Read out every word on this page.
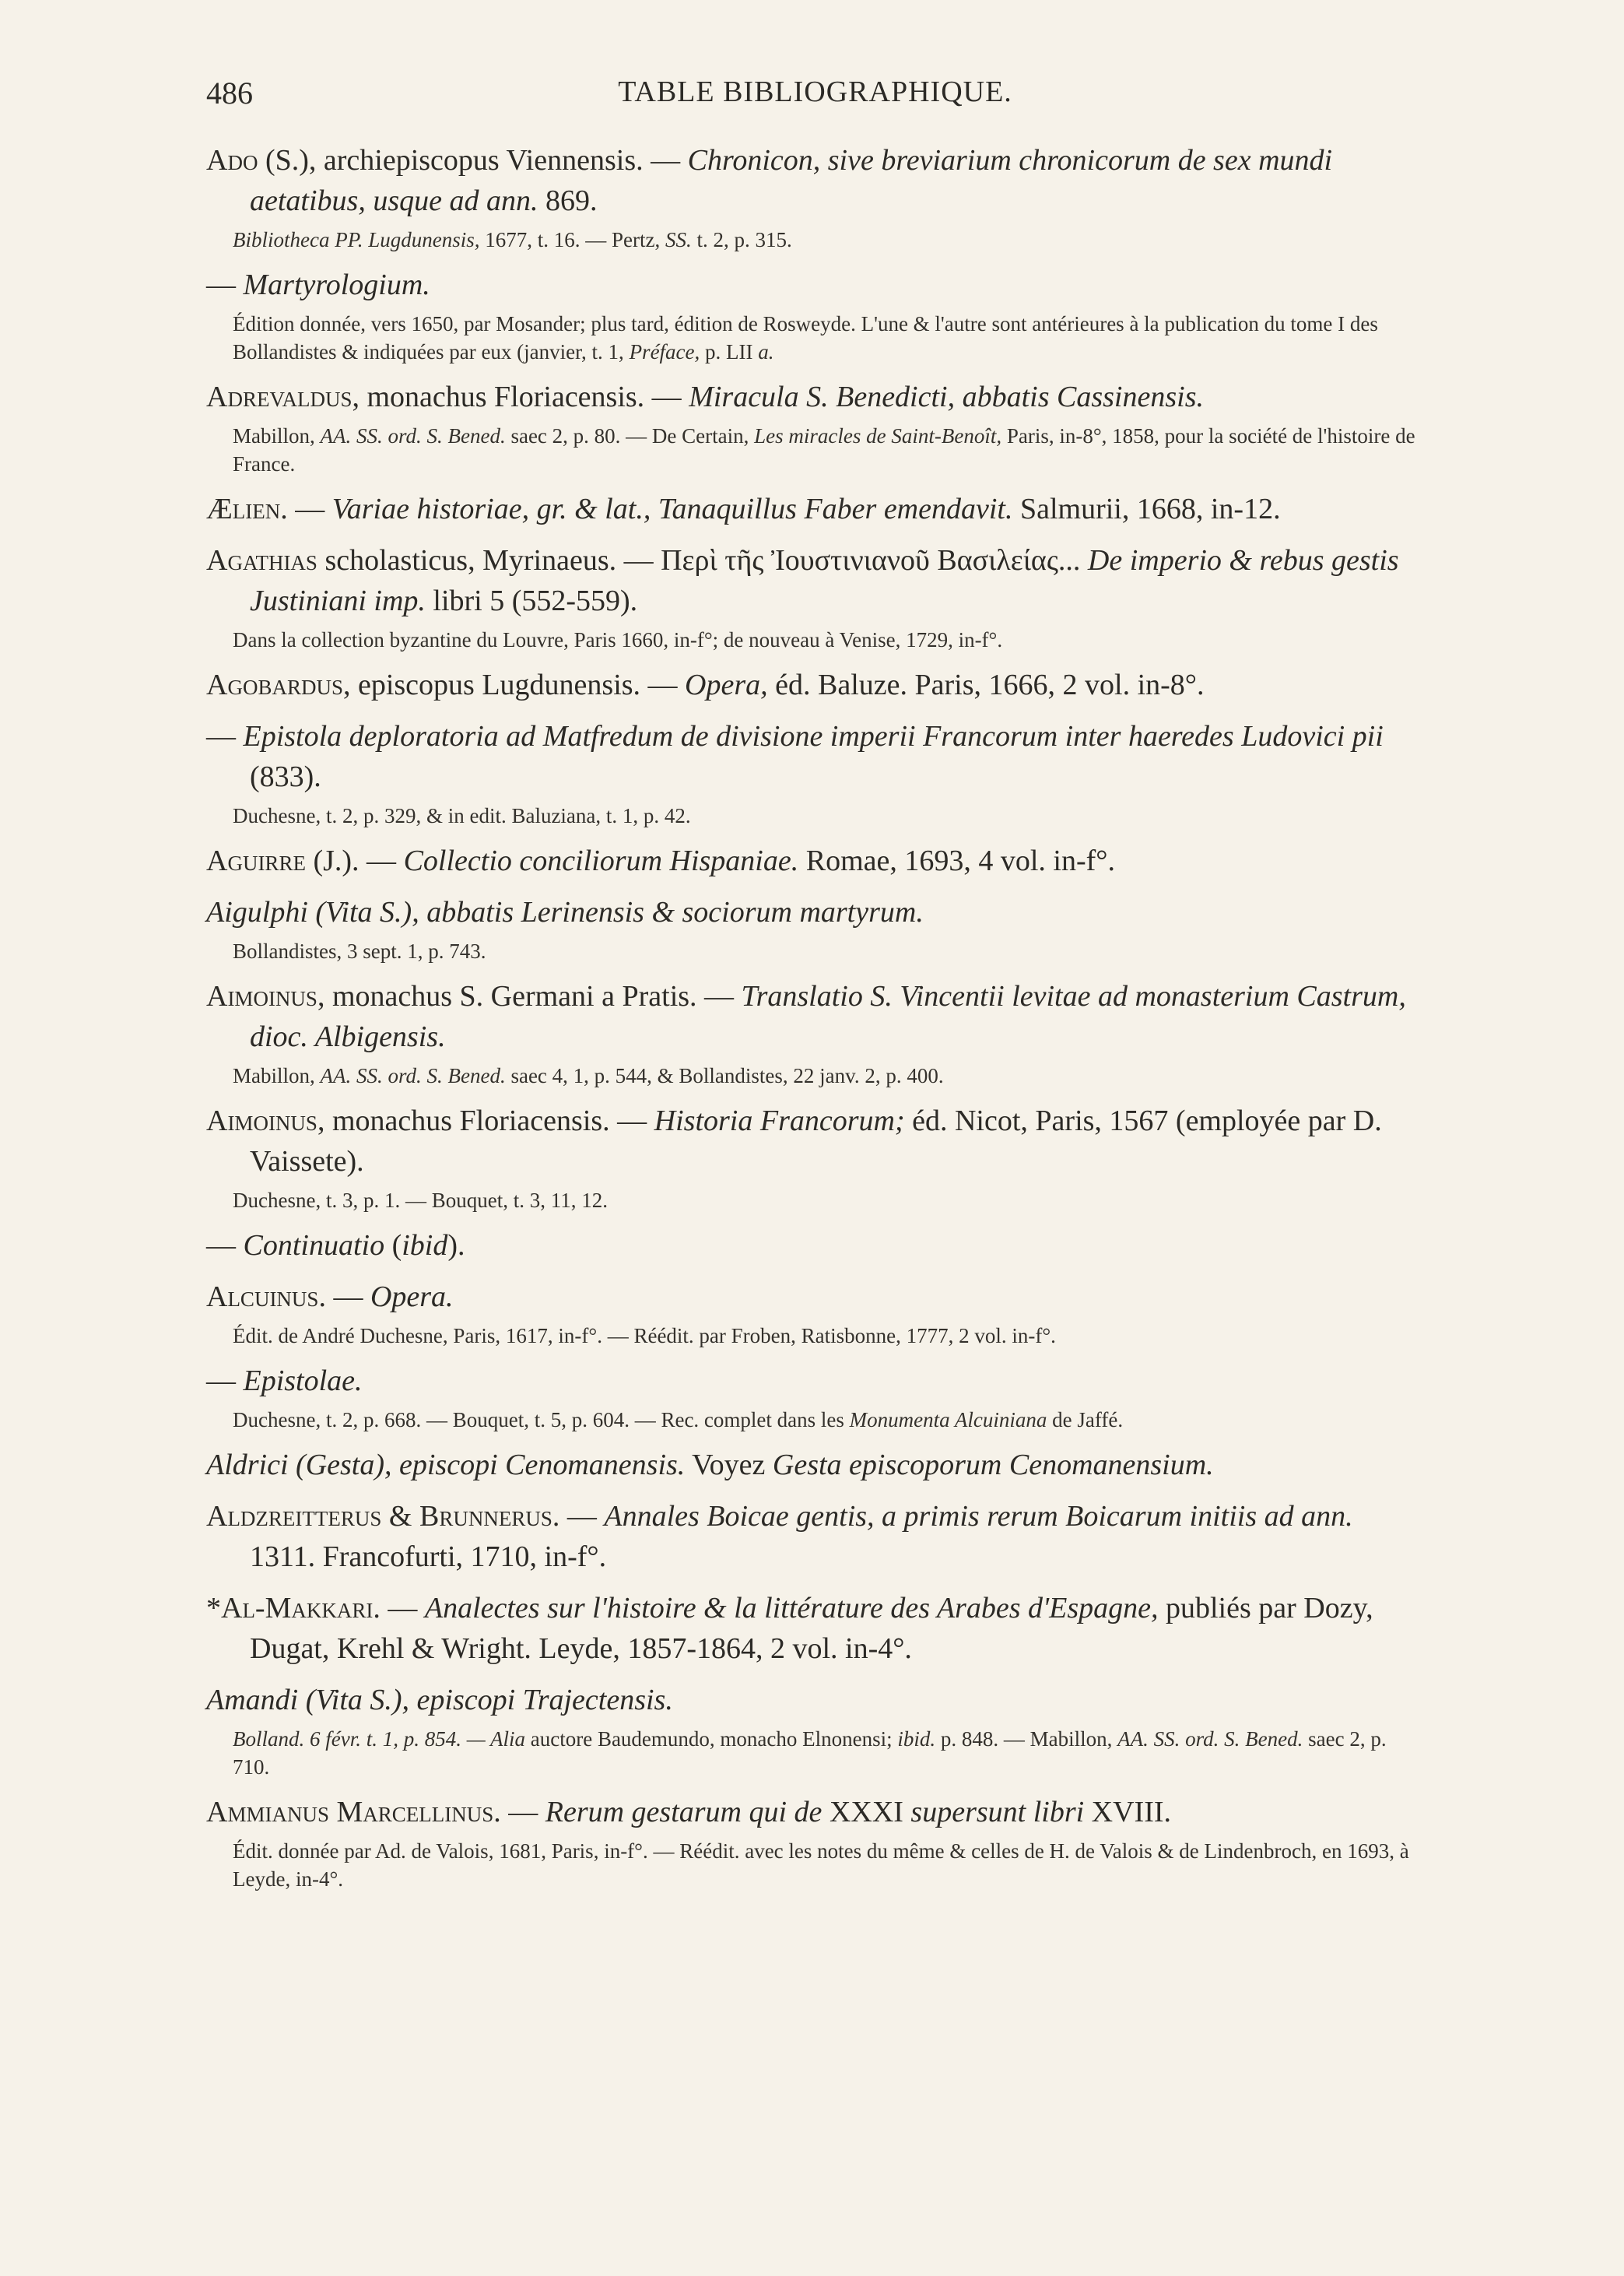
486	TABLE BIBLIOGRAPHIQUE.
Ado (S.), archiepiscopus Viennensis. — Chronicon, sive breviarium chronicorum de sex mundi aetatibus, usque ad ann. 869.
Bibliotheca PP. Lugdunensis, 1677, t. 16. — Pertz, SS. t. 2, p. 315.
— Martyrologium.
Édition donnée, vers 1650, par Mosander; plus tard, édition de Rosweyde. L'une & l'autre sont antérieures à la publication du tome I des Bollandistes & indiquées par eux (janvier, t. 1, Préface, p. LII a.
Adrevaldus, monachus Floriacensis. — Miracula S. Benedicti, abbatis Cassinensis.
Mabillon, AA. SS. ord. S. Bened. saec 2, p. 80. — De Certain, Les miracles de Saint-Benoît, Paris, in-8°, 1858, pour la société de l'histoire de France.
Ælien. — Variae historiae, gr. & lat., Tanaquillus Faber emendavit. Salmurii, 1668, in-12.
Agathias scholasticus, Myrinaeus. — Περὶ τῆς Ἰουστινιανοῦ Βασιλείας... De imperio & rebus gestis Justiniani imp. libri 5 (552-559).
Dans la collection byzantine du Louvre, Paris 1660, in-f°; de nouveau à Venise, 1729, in-f°.
Agobardus, episcopus Lugdunensis. — Opera, éd. Baluze. Paris, 1666, 2 vol. in-8°.
— Epistola deploratoria ad Matfredum de divisione imperii Francorum inter haeredes Ludovici pii (833).
Duchesne, t. 2, p. 329, & in edit. Baluziana, t. 1, p. 42.
Aguirre (J.). — Collectio conciliorum Hispaniae. Romae, 1693, 4 vol. in-f°.
Aigulphi (Vita S.), abbatis Lerinensis & sociorum martyrum.
Bollandistes, 3 sept. 1, p. 743.
Aimoinus, monachus S. Germani a Pratis. — Translatio S. Vincentii levitae ad monasterium Castrum, dioc. Albigensis.
Mabillon, AA. SS. ord. S. Bened. saec 4, 1, p. 544, & Bollandistes, 22 janv. 2, p. 400.
Aimoinus, monachus Floriacensis. — Historia Francorum; éd. Nicot, Paris, 1567 (employée par D. Vaissete).
Duchesne, t. 3, p. 1. — Bouquet, t. 3, 11, 12.
— Continuatio (ibid).
Alcuinus. — Opera.
Édit. de André Duchesne, Paris, 1617, in-f°. — Réédit. par Froben, Ratisbonne, 1777, 2 vol. in-f°.
— Epistolae.
Duchesne, t. 2, p. 668. — Bouquet, t. 5, p. 604. — Rec. complet dans les Monumenta Alcuiniana de Jaffé.
Aldrici (Gesta), episcopi Cenomanensis. Voyez Gesta episcoporum Cenomanensium.
Aldzreitterus & Brunnerus. — Annales Boicae gentis, a primis rerum Boicarum initiis ad ann. 1311. Francofurti, 1710, in-f°.
*Al-Makkari. — Analectes sur l'histoire & la littérature des Arabes d'Espagne, publiés par Dozy, Dugat, Krehl & Wright. Leyde, 1857-1864, 2 vol. in-4°.
Amandi (Vita S.), episcopi Trajectensis.
Bolland. 6 févr. t. 1, p. 854. — Alia auctore Baudemundo, monacho Elnonensi; ibid. p. 848. — Mabillon, AA. SS. ord. S. Bened. saec 2, p. 710.
Ammianus Marcellinus. — Rerum gestarum qui de XXXI supersunt libri XVIII.
Édit. donnée par Ad. de Valois, 1681, Paris, in-f°. — Réédit. avec les notes du même & celles de H. de Valois & de Lindenbroch, en 1693, à Leyde, in-4°.
